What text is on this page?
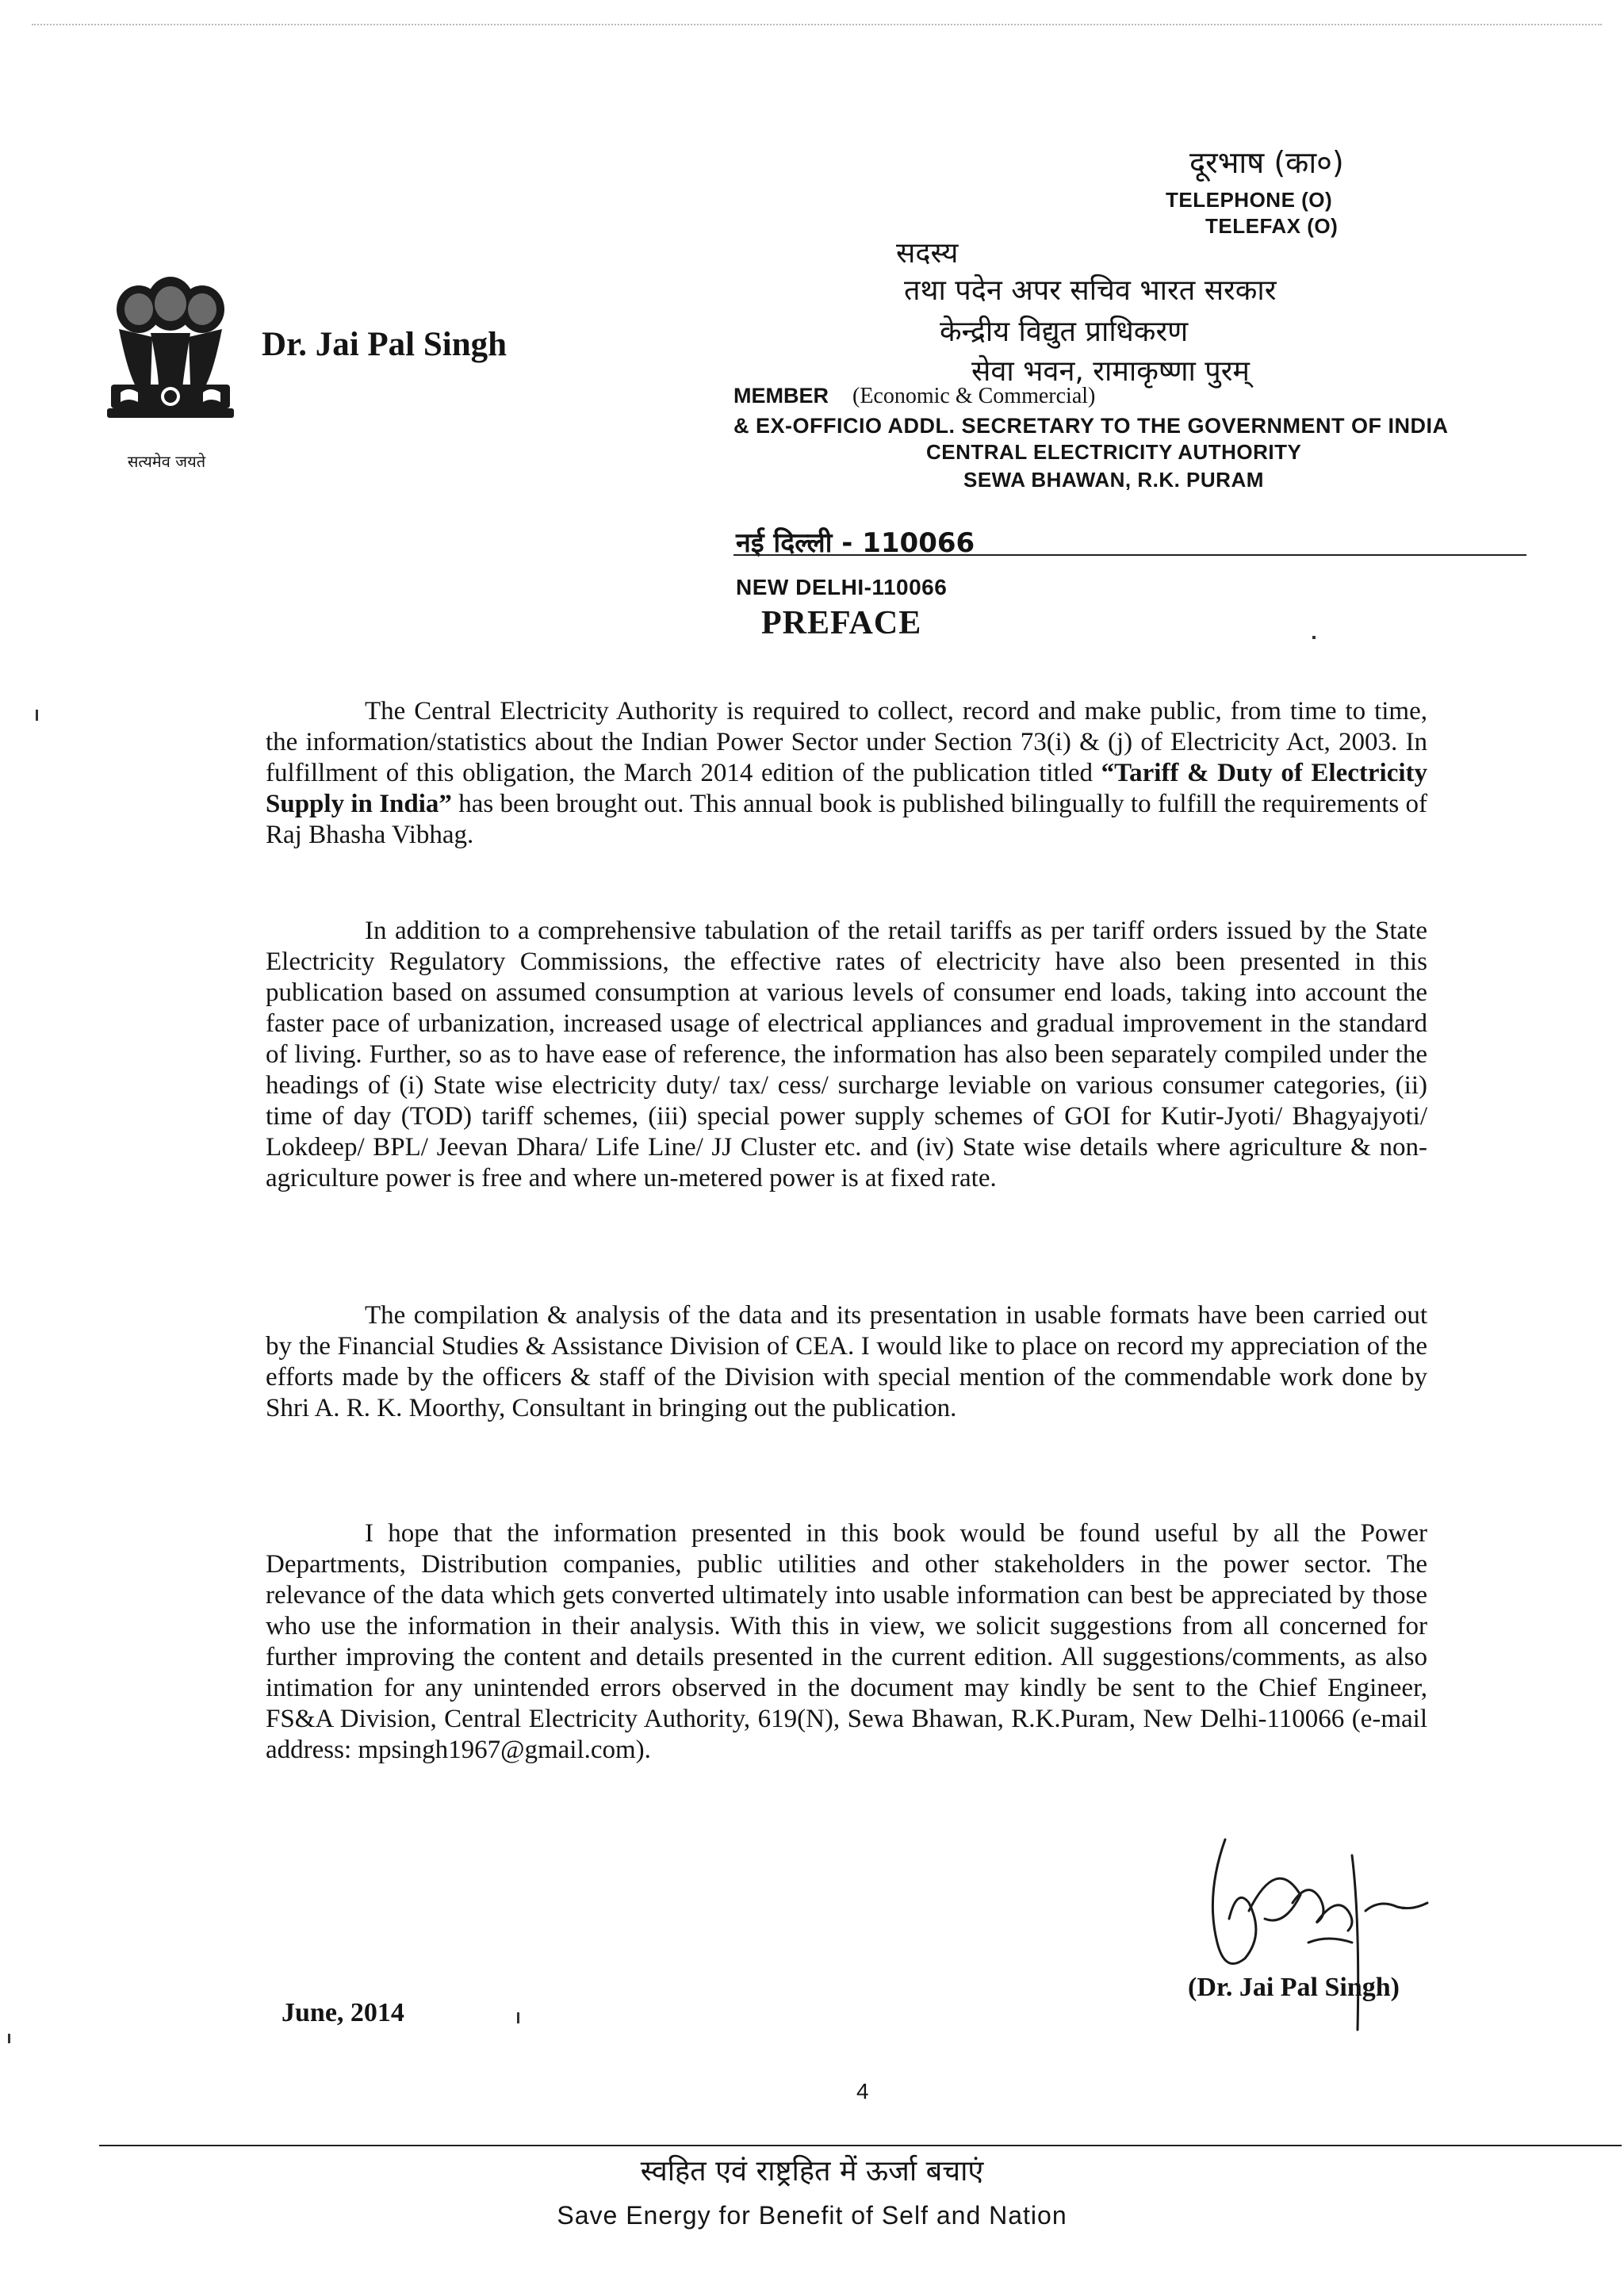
सत्यमेव जयते
Dr. Jai Pal Singh
दूरभाष (का०)
TELEPHONE (O)
TELEFAX (O)
सदस्य
तथा पदेन अपर सचिव भारत सरकार
केन्द्रीय विद्युत प्राधिकरण
सेवा भवन, रामाकृष्णा पुरम्
MEMBER (Economic & Commercial)
& EX-OFFICIO ADDL. SECRETARY TO THE GOVERNMENT OF INDIA
CENTRAL ELECTRICITY AUTHORITY
SEWA BHAWAN, R.K. PURAM
नई दिल्ली - 110066
NEW DELHI-110066
PREFACE

The Central Electricity Authority is required to collect, record and make public, from time to time, the information/statistics about the Indian Power Sector under Section 73(i) & (j) of Electricity Act, 2003. In fulfillment of this obligation, the March 2014 edition of the publication titled “Tariff & Duty of Electricity Supply in India” has been brought out. This annual book is published bilingually to fulfill the requirements of Raj Bhasha Vibhag.

In addition to a comprehensive tabulation of the retail tariffs as per tariff orders issued by the State Electricity Regulatory Commissions, the effective rates of electricity have also been presented in this publication based on assumed consumption at various levels of consumer end loads, taking into account the faster pace of urbanization, increased usage of electrical appliances and gradual improvement in the standard of living. Further, so as to have ease of reference, the information has also been separately compiled under the headings of (i) State wise electricity duty/ tax/ cess/ surcharge leviable on various consumer categories, (ii) time of day (TOD) tariff schemes, (iii) special power supply schemes of GOI for Kutir-Jyoti/ Bhagyajyoti/ Lokdeep/ BPL/ Jeevan Dhara/ Life Line/ JJ Cluster etc. and (iv) State wise details where agriculture & non-agriculture power is free and where un-metered power is at fixed rate.

The compilation & analysis of the data and its presentation in usable formats have been carried out by the Financial Studies & Assistance Division of CEA. I would like to place on record my appreciation of the efforts made by the officers & staff of the Division with special mention of the commendable work done by Shri A. R. K. Moorthy, Consultant in bringing out the publication.

I hope that the information presented in this book would be found useful by all the Power Departments, Distribution companies, public utilities and other stakeholders in the power sector. The relevance of the data which gets converted ultimately into usable information can best be appreciated by those who use the information in their analysis. With this in view, we solicit suggestions from all concerned for further improving the content and details presented in the current edition. All suggestions/comments, as also intimation for any unintended errors observed in the document may kindly be sent to the Chief Engineer, FS&A Division, Central Electricity Authority, 619(N), Sewa Bhawan, R.K.Puram, New Delhi-110066 (e-mail address: mpsingh1967@gmail.com).

(Dr. Jai Pal Singh)
June, 2014
4
स्वहित एवं राष्ट्रहित में ऊर्जा बचाएं
Save Energy for Benefit of Self and Nation
